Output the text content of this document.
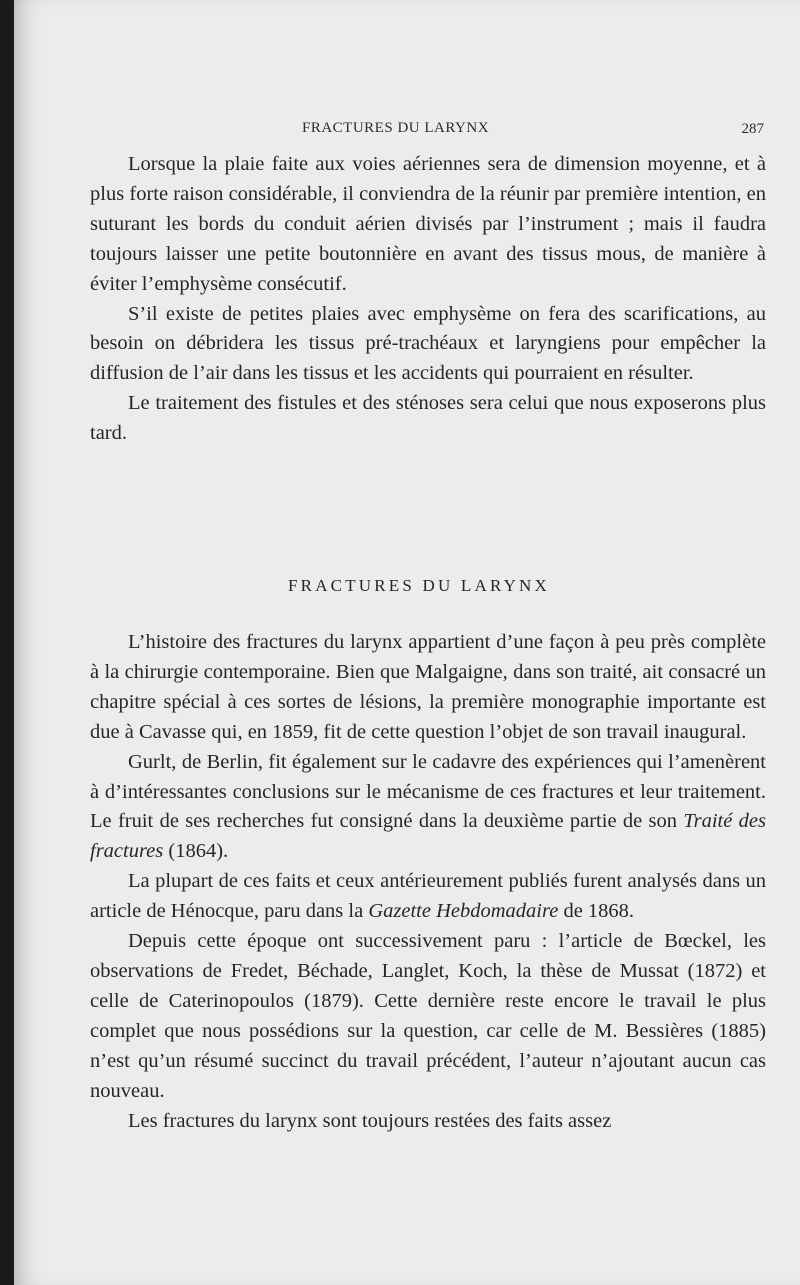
FRACTURES DU LARYNX	287

Lorsque la plaie faite aux voies aériennes sera de dimension moyenne, et à plus forte raison considérable, il conviendra de la réunir par première intention, en suturant les bords du conduit aérien divisés par l’instrument ; mais il faudra toujours laisser une petite boutonnière en avant des tissus mous, de manière à éviter l’emphysème consécutif.

S’il existe de petites plaies avec emphysème on fera des scarifications, au besoin on débridera les tissus pré-trachéaux et laryngiens pour empêcher la diffusion de l’air dans les tissus et les accidents qui pourraient en résulter.

Le traitement des fistules et des sténoses sera celui que nous exposerons plus tard.

FRACTURES DU LARYNX

L’histoire des fractures du larynx appartient d’une façon à peu près complète à la chirurgie contemporaine. Bien que Malgaigne, dans son traité, ait consacré un chapitre spécial à ces sortes de lésions, la première monographie importante est due à Cavasse qui, en 1859, fit de cette question l’objet de son travail inaugural.

Gurlt, de Berlin, fit également sur le cadavre des expériences qui l’amenèrent à d’intéressantes conclusions sur le mécanisme de ces fractures et leur traitement. Le fruit de ses recherches fut consigné dans la deuxième partie de son Traité des fractures (1864).

La plupart de ces faits et ceux antérieurement publiés furent analysés dans un article de Hénocque, paru dans la Gazette Hebdomadaire de 1868.

Depuis cette époque ont successivement paru : l’article de Bœckel, les observations de Fredet, Béchade, Langlet, Koch, la thèse de Mussat (1872) et celle de Caterinopoulos (1879). Cette dernière reste encore le travail le plus complet que nous possédions sur la question, car celle de M. Bessières (1885) n’est qu’un résumé succinct du travail précédent, l’auteur n’ajoutant aucun cas nouveau.

Les fractures du larynx sont toujours restées des faits assez
